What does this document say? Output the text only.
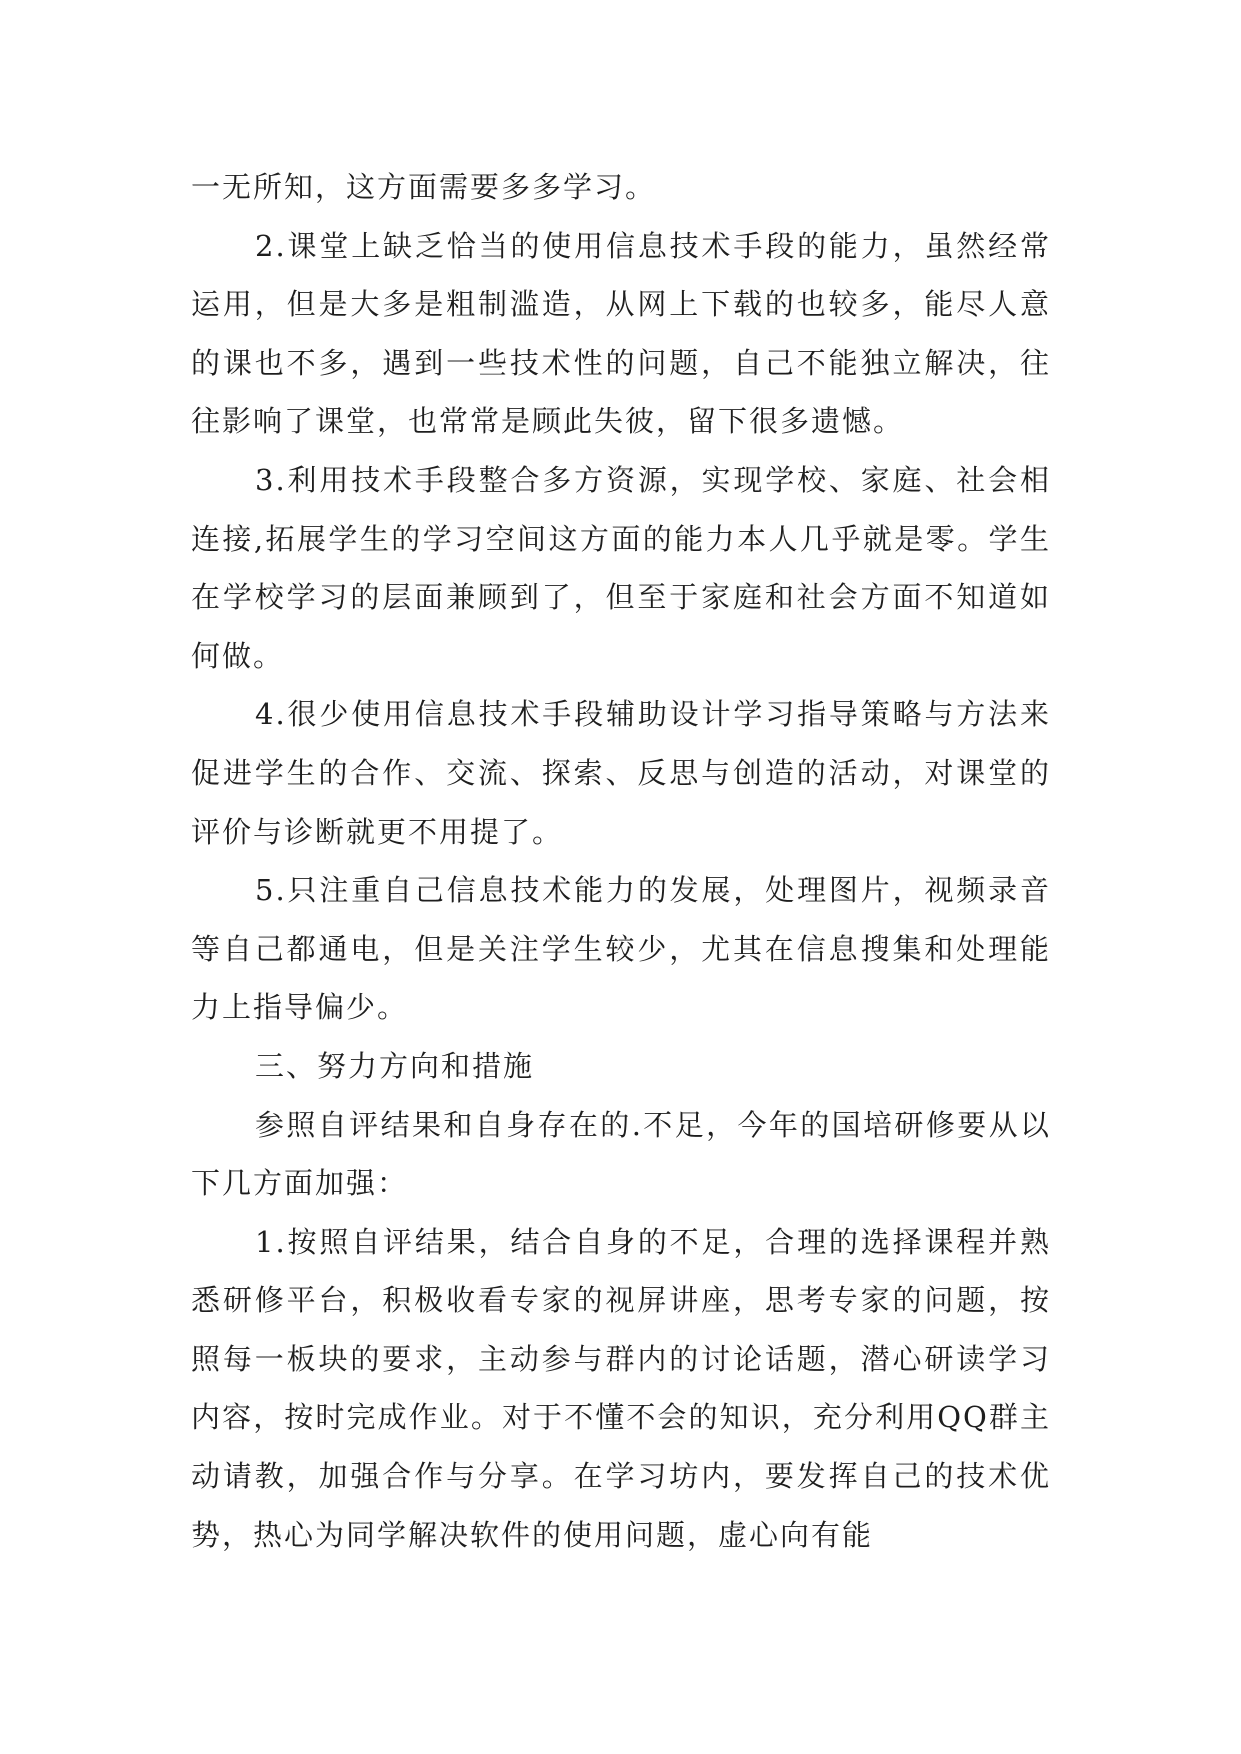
一无所知，这方面需要多多学习。

2.课堂上缺乏恰当的使用信息技术手段的能力，虽然经常运用，但是大多是粗制滥造，从网上下载的也较多，能尽人意的课也不多，遇到一些技术性的问题，自己不能独立解决，往往影响了课堂，也常常是顾此失彼，留下很多遗憾。

3.利用技术手段整合多方资源，实现学校、家庭、社会相连接,拓展学生的学习空间这方面的能力本人几乎就是零。学生在学校学习的层面兼顾到了，但至于家庭和社会方面不知道如何做。

4.很少使用信息技术手段辅助设计学习指导策略与方法来促进学生的合作、交流、探索、反思与创造的活动，对课堂的评价与诊断就更不用提了。

5.只注重自己信息技术能力的发展，处理图片，视频录音等自己都通电，但是关注学生较少，尤其在信息搜集和处理能力上指导偏少。

三、努力方向和措施

参照自评结果和自身存在的.不足，今年的国培研修要从以下几方面加强：

1.按照自评结果，结合自身的不足，合理的选择课程并熟悉研修平台，积极收看专家的视屏讲座，思考专家的问题，按照每一板块的要求，主动参与群内的讨论话题，潜心研读学习内容，按时完成作业。对于不懂不会的知识，充分利用QQ群主动请教，加强合作与分享。在学习坊内，要发挥自己的技术优势，热心为同学解决软件的使用问题，虚心向有能
